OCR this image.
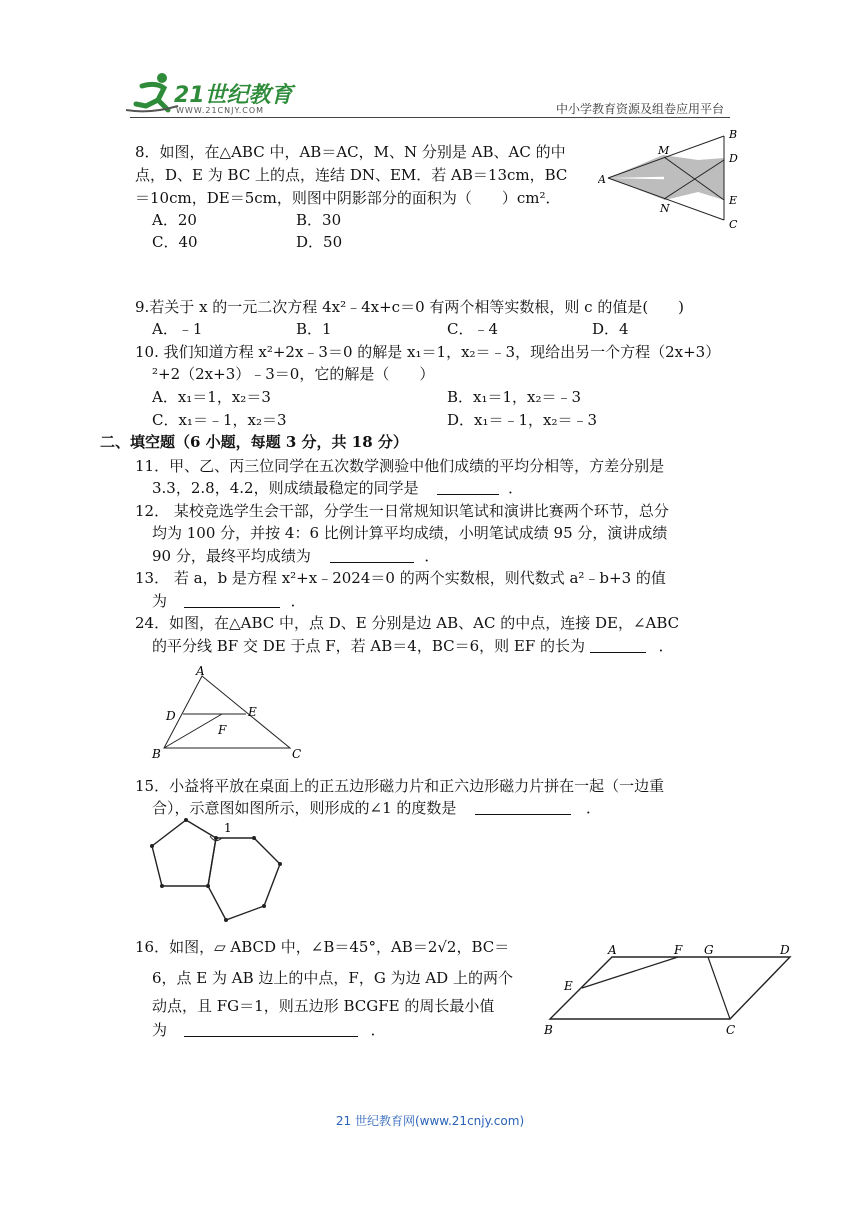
21世纪教育
WWW.21CNJY.COM	中小学教育资源及组卷应用平台
8．如图，在△ABC 中，AB＝AC，M、N 分别是 AB、AC 的中
点，D、E 为 BC 上的点，连结 DN、EM．若 AB＝13cm，BC
＝10cm，DE＝5cm，则图中阴影部分的面积为（　　）cm²．
A．20	B．30
C．40	D．50
A
B
C
D
E
M
N
9.若关于 x 的一元二次方程 4x²﹣4x+c＝0 有两个相等实数根，则 c 的值是(　　)
A．﹣1	B．1	C．﹣4	D．4
10. 我们知道方程 x²+2x﹣3＝0 的解是 x₁＝1，x₂＝﹣3，现给出另一个方程（2x+3）
²+2（2x+3）﹣3＝0，它的解是（　　）
A．x₁＝1，x₂＝3	B．x₁＝1，x₂＝﹣3
C．x₁＝﹣1，x₂＝3	D．x₁＝﹣1，x₂＝﹣3
二、填空题（6 小题，每题 3 分，共 18 分）
11．甲、乙、丙三位同学在五次数学测验中他们成绩的平均分相等，方差分别是
3.3，2.8，4.2，则成绩最稳定的同学是	．
12． 某校竞选学生会干部，分学生一日常规知识笔试和演讲比赛两个环节，总分
均为 100 分，并按 4：6 比例计算平均成绩，小明笔试成绩 95 分，演讲成绩
90 分，最终平均成绩为	．
13． 若 a，b 是方程 x²+x﹣2024＝0 的两个实数根，则代数式 a²﹣b+3 的值
为	．
24．如图，在△ABC 中，点 D、E 分别是边 AB、AC 的中点，连接 DE，∠ABC
的平分线 BF 交 DE 于点 F，若 AB＝4，BC＝6，则 EF 的长为	．
A
B	C
D	E
F
15．小益将平放在桌面上的正五边形磁力片和正六边形磁力片拼在一起（一边重
合），示意图如图所示，则形成的∠1 的度数是	．
1
16．如图，▱ ABCD 中，∠B＝45°，AB＝2√2，BC＝
6，点 E 为 AB 边上的中点，F，G 为边 AD 上的两个
动点，且 FG＝1，则五边形 BCGFE 的周长最小值
为	．
A	F G	D
E
B	C
21 世纪教育网(www.21cnjy.com)
